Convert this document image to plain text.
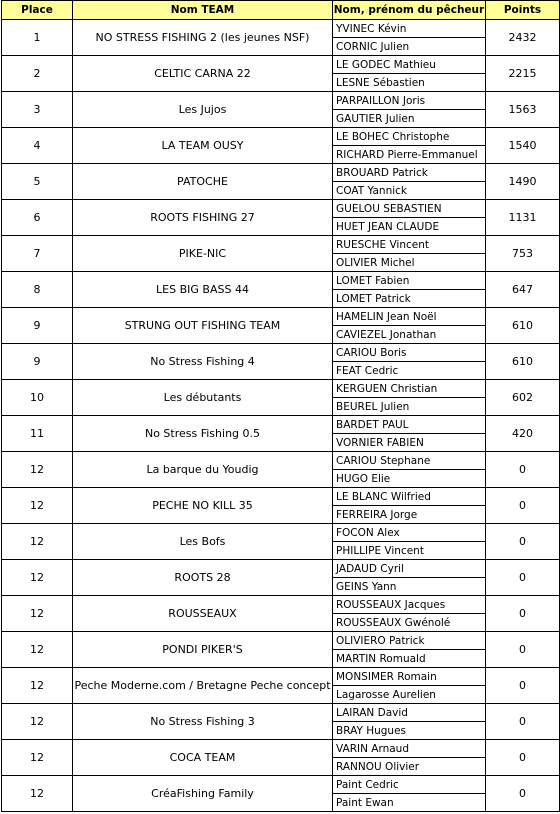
Place	Nom TEAM	Nom, prénom du pêcheur	Points
1	NO STRESS FISHING 2 (les jeunes NSF)	YVINEC Kévin	2432
		CORNIC Julien	
2	CELTIC CARNA 22	LE GODEC Mathieu	2215
		LESNE Sébastien	
3	Les Jujos	PARPAILLON Joris	1563
		GAUTIER Julien	
4	LA TEAM OUSY	LE BOHEC Christophe	1540
		RICHARD Pierre-Emmanuel	
5	PATOCHE	BROUARD Patrick	1490
		COAT Yannick	
6	ROOTS FISHING 27	GUELOU SEBASTIEN	1131
		HUET JEAN CLAUDE	
7	PIKE-NIC	RUESCHE Vincent	753
		OLIVIER Michel	
8	LES BIG BASS 44	LOMET Fabien	647
		LOMET Patrick	
9	STRUNG OUT FISHING TEAM	HAMELIN Jean Noël	610
		CAVIEZEL Jonathan	
9	No Stress Fishing 4	CARIOU Boris	610
		FEAT Cedric	
10	Les débutants	KERGUEN Christian	602
		BEUREL Julien	
11	No Stress Fishing 0.5	BARDET PAUL	420
		VORNIER FABIEN	
12	La barque du Youdig	CARIOU Stephane	0
		HUGO Elie	
12	PECHE NO KILL 35	LE BLANC Wilfried	0
		FERREIRA Jorge	
12	Les Bofs	FOCON Alex	0
		PHILLIPE Vincent	
12	ROOTS 28	JADAUD Cyril	0
		GEINS Yann	
12	ROUSSEAUX	ROUSSEAUX Jacques	0
		ROUSSEAUX Gwénolé	
12	PONDI PIKER'S	OLIVIERO Patrick	0
		MARTIN Romuald	
12	Peche Moderne.com / Bretagne Peche concept	MONSIMER Romain	0
		Lagarosse Aurelien	
12	No Stress Fishing 3	LAIRAN David	0
		BRAY Hugues	
12	COCA TEAM	VARIN Arnaud	0
		RANNOU Olivier	
12	CréaFishing Family	Paint Cedric	0
		Paint Ewan	
